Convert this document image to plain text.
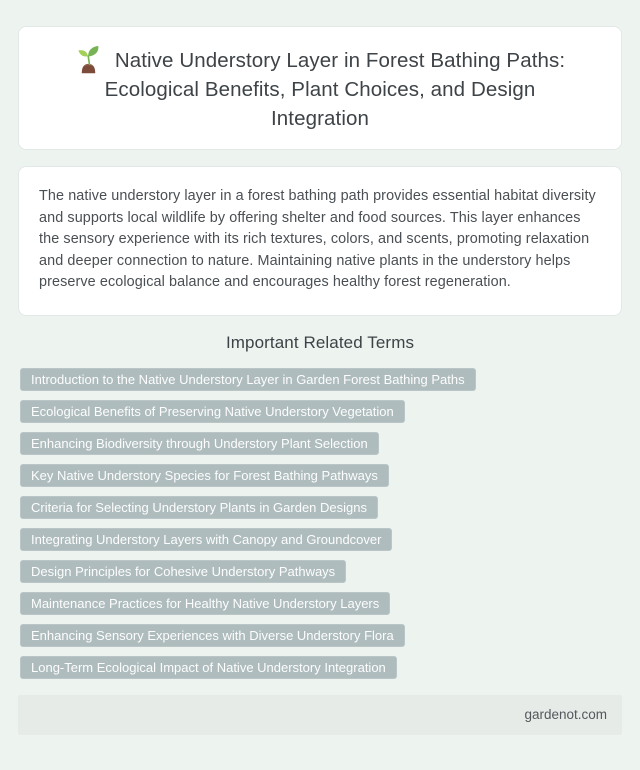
Native Understory Layer in Forest Bathing Paths: Ecological Benefits, Plant Choices, and Design Integration

The native understory layer in a forest bathing path provides essential habitat diversity and supports local wildlife by offering shelter and food sources. This layer enhances the sensory experience with its rich textures, colors, and scents, promoting relaxation and deeper connection to nature. Maintaining native plants in the understory helps preserve ecological balance and encourages healthy forest regeneration.

Important Related Terms
Introduction to the Native Understory Layer in Garden Forest Bathing Paths
Ecological Benefits of Preserving Native Understory Vegetation
Enhancing Biodiversity through Understory Plant Selection
Key Native Understory Species for Forest Bathing Pathways
Criteria for Selecting Understory Plants in Garden Designs
Integrating Understory Layers with Canopy and Groundcover
Design Principles for Cohesive Understory Pathways
Maintenance Practices for Healthy Native Understory Layers
Enhancing Sensory Experiences with Diverse Understory Flora
Long-Term Ecological Impact of Native Understory Integration
gardenot.com
